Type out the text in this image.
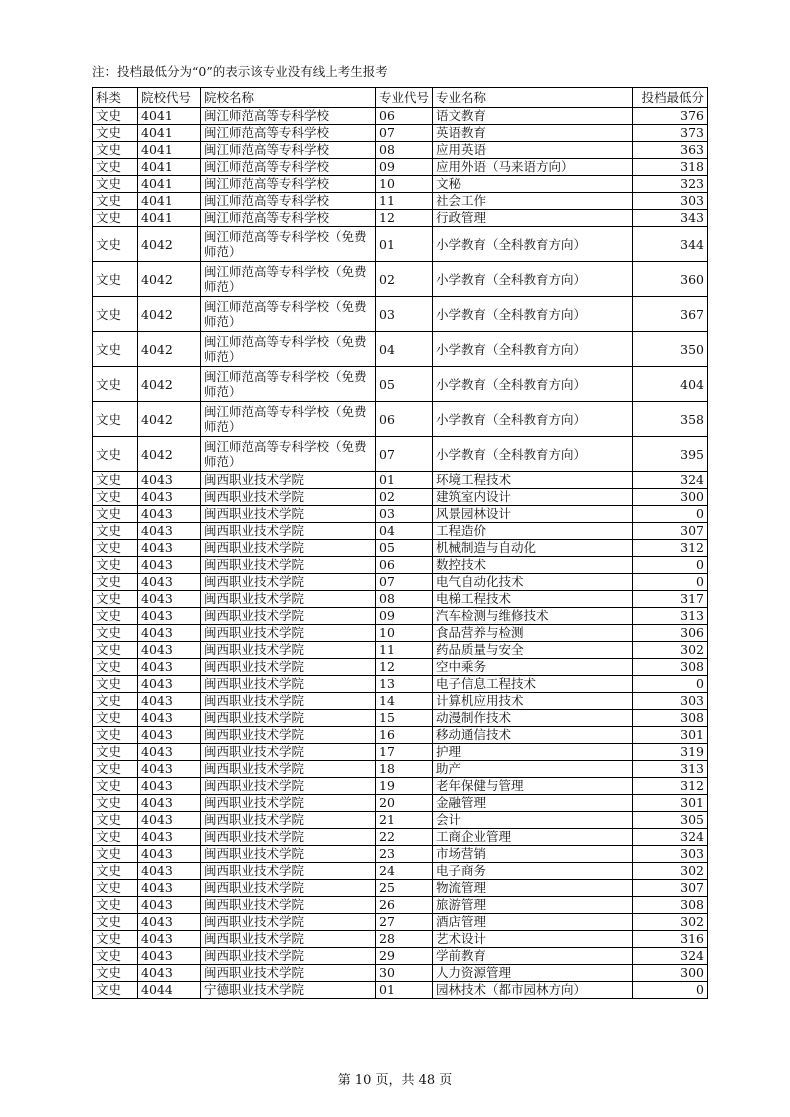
注：投档最低分为“0”的表示该专业没有线上考生报考
科类	院校代号	院校名称	专业代号	专业名称	投档最低分
文史	4041	闽江师范高等专科学校	06	语文教育	376
文史	4041	闽江师范高等专科学校	07	英语教育	373
文史	4041	闽江师范高等专科学校	08	应用英语	363
文史	4041	闽江师范高等专科学校	09	应用外语（马来语方向）	318
文史	4041	闽江师范高等专科学校	10	文秘	323
文史	4041	闽江师范高等专科学校	11	社会工作	303
文史	4041	闽江师范高等专科学校	12	行政管理	343
文史	4042	闽江师范高等专科学校（免费师范）	01	小学教育（全科教育方向）	344
文史	4042	闽江师范高等专科学校（免费师范）	02	小学教育（全科教育方向）	360
文史	4042	闽江师范高等专科学校（免费师范）	03	小学教育（全科教育方向）	367
文史	4042	闽江师范高等专科学校（免费师范）	04	小学教育（全科教育方向）	350
文史	4042	闽江师范高等专科学校（免费师范）	05	小学教育（全科教育方向）	404
文史	4042	闽江师范高等专科学校（免费师范）	06	小学教育（全科教育方向）	358
文史	4042	闽江师范高等专科学校（免费师范）	07	小学教育（全科教育方向）	395
文史	4043	闽西职业技术学院	01	环境工程技术	324
文史	4043	闽西职业技术学院	02	建筑室内设计	300
文史	4043	闽西职业技术学院	03	风景园林设计	0
文史	4043	闽西职业技术学院	04	工程造价	307
文史	4043	闽西职业技术学院	05	机械制造与自动化	312
文史	4043	闽西职业技术学院	06	数控技术	0
文史	4043	闽西职业技术学院	07	电气自动化技术	0
文史	4043	闽西职业技术学院	08	电梯工程技术	317
文史	4043	闽西职业技术学院	09	汽车检测与维修技术	313
文史	4043	闽西职业技术学院	10	食品营养与检测	306
文史	4043	闽西职业技术学院	11	药品质量与安全	302
文史	4043	闽西职业技术学院	12	空中乘务	308
文史	4043	闽西职业技术学院	13	电子信息工程技术	0
文史	4043	闽西职业技术学院	14	计算机应用技术	303
文史	4043	闽西职业技术学院	15	动漫制作技术	308
文史	4043	闽西职业技术学院	16	移动通信技术	301
文史	4043	闽西职业技术学院	17	护理	319
文史	4043	闽西职业技术学院	18	助产	313
文史	4043	闽西职业技术学院	19	老年保健与管理	312
文史	4043	闽西职业技术学院	20	金融管理	301
文史	4043	闽西职业技术学院	21	会计	305
文史	4043	闽西职业技术学院	22	工商企业管理	324
文史	4043	闽西职业技术学院	23	市场营销	303
文史	4043	闽西职业技术学院	24	电子商务	302
文史	4043	闽西职业技术学院	25	物流管理	307
文史	4043	闽西职业技术学院	26	旅游管理	308
文史	4043	闽西职业技术学院	27	酒店管理	302
文史	4043	闽西职业技术学院	28	艺术设计	316
文史	4043	闽西职业技术学院	29	学前教育	324
文史	4043	闽西职业技术学院	30	人力资源管理	300
文史	4044	宁德职业技术学院	01	园林技术（都市园林方向）	0
第 10 页，共 48 页
